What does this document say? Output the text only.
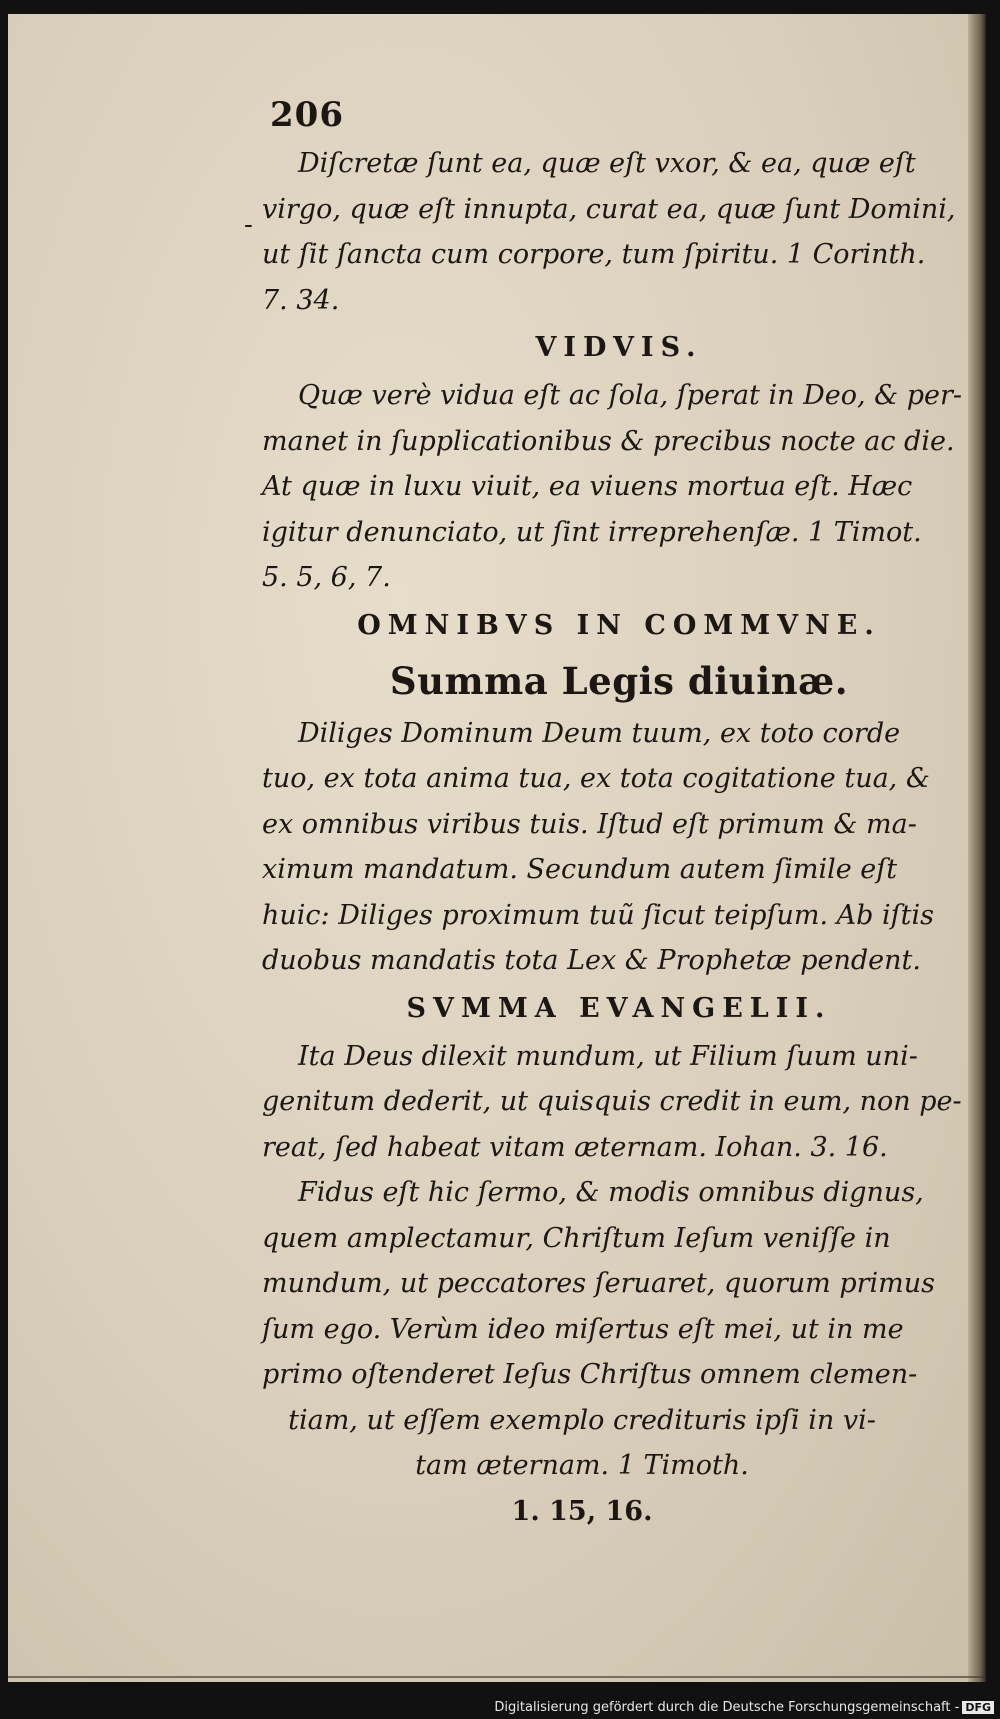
-
206

Diſcretæ ſunt ea, quæ eſt vxor, & ea, quæ eſt

virgo, quæ eſt innupta, curat ea, quæ ſunt Domini,

ut ſit ſancta cum corpore, tum ſpiritu. 1 Corinth.

7. 34.

VIDVIS.

Quæ verè vidua eſt ac ſola, ſperat in Deo, & per-

manet in ſupplicationibus & precibus nocte ac die.

At quæ in luxu viuit, ea viuens mortua eſt. Hæc

igitur denunciato, ut ſint irreprehenſæ. 1 Timot.

5. 5, 6, 7.

OMNIBVS IN COMMVNE.
Summa Legis diuinæ.

Diliges Dominum Deum tuum, ex toto corde

tuo, ex tota anima tua, ex tota cogitatione tua, &

ex omnibus viribus tuis. Iſtud eſt primum & ma-

ximum mandatum. Secundum autem ſimile eſt

huic: Diliges proximum tuũ ſicut teipſum. Ab iſtis

duobus mandatis tota Lex & Prophetæ pendent.

SVMMA EVANGELII.

Ita Deus dilexit mundum, ut Filium ſuum uni-

genitum dederit, ut quisquis credit in eum, non pe-

reat, ſed habeat vitam æternam. Iohan. 3. 16.

Fidus eſt hic ſermo, & modis omnibus dignus,

quem amplectamur, Chriſtum Ieſum veniſſe in

mundum, ut peccatores ſeruaret, quorum primus

ſum ego. Verùm ideo miſertus eſt mei, ut in me

primo oſtenderet Ieſus Chriſtus omnem clemen-

tiam, ut eſſem exemplo credituris ipſi in vi-

tam æternam. 1 Timoth.

1. 15, 16.

Digitalisierung gefördert durch die Deutsche Forschungsgemeinschaft - DFG
